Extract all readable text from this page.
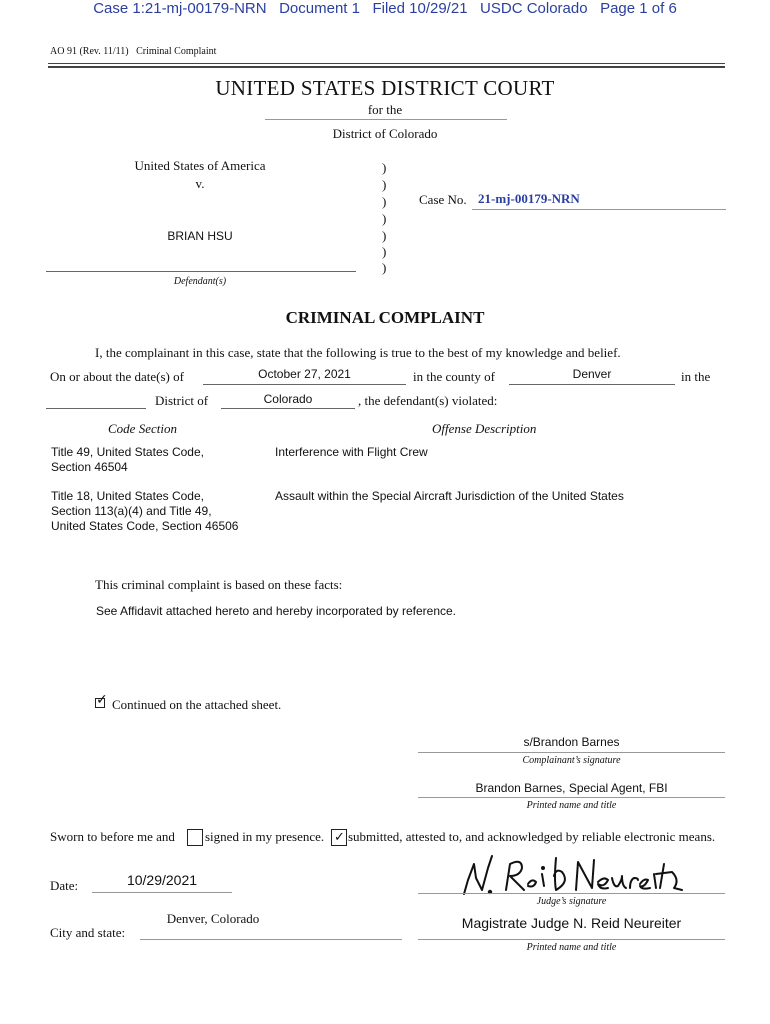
Case 1:21-mj-00179-NRN   Document 1   Filed 10/29/21   USDC Colorado   Page 1 of 6
AO 91 (Rev. 11/11)   Criminal Complaint
UNITED STATES DISTRICT COURT
for the
District of Colorado
United States of America
v.
BRIAN HSU
Defendant(s)
)
)
)
)
)
)
)
Case No. 21-mj-00179-NRN
CRIMINAL COMPLAINT
I, the complainant in this case, state that the following is true to the best of my knowledge and belief.
On or about the date(s) of	October 27, 2021	in the county of	Denver	in the
District of	Colorado	, the defendant(s) violated:
Code Section	Offense Description
Title 49, United States Code,
Section 46504
Interference with Flight Crew
Title 18, United States Code,
Section 113(a)(4) and Title 49,
United States Code, Section 46506
Assault within the Special Aircraft Jurisdiction of the United States
This criminal complaint is based on these facts:
See Affidavit attached hereto and hereby incorporated by reference.
✓ Continued on the attached sheet.
s/Brandon Barnes
Complainant’s signature
Brandon Barnes, Special Agent, FBI
Printed name and title
Sworn to before me and signed in my presence. ✓ submitted, attested to, and acknowledged by reliable electronic means.
Date:	10/29/2021
City and state:
Denver, Colorado
Judge’s signature
Magistrate Judge N. Reid Neureiter
Printed name and title
